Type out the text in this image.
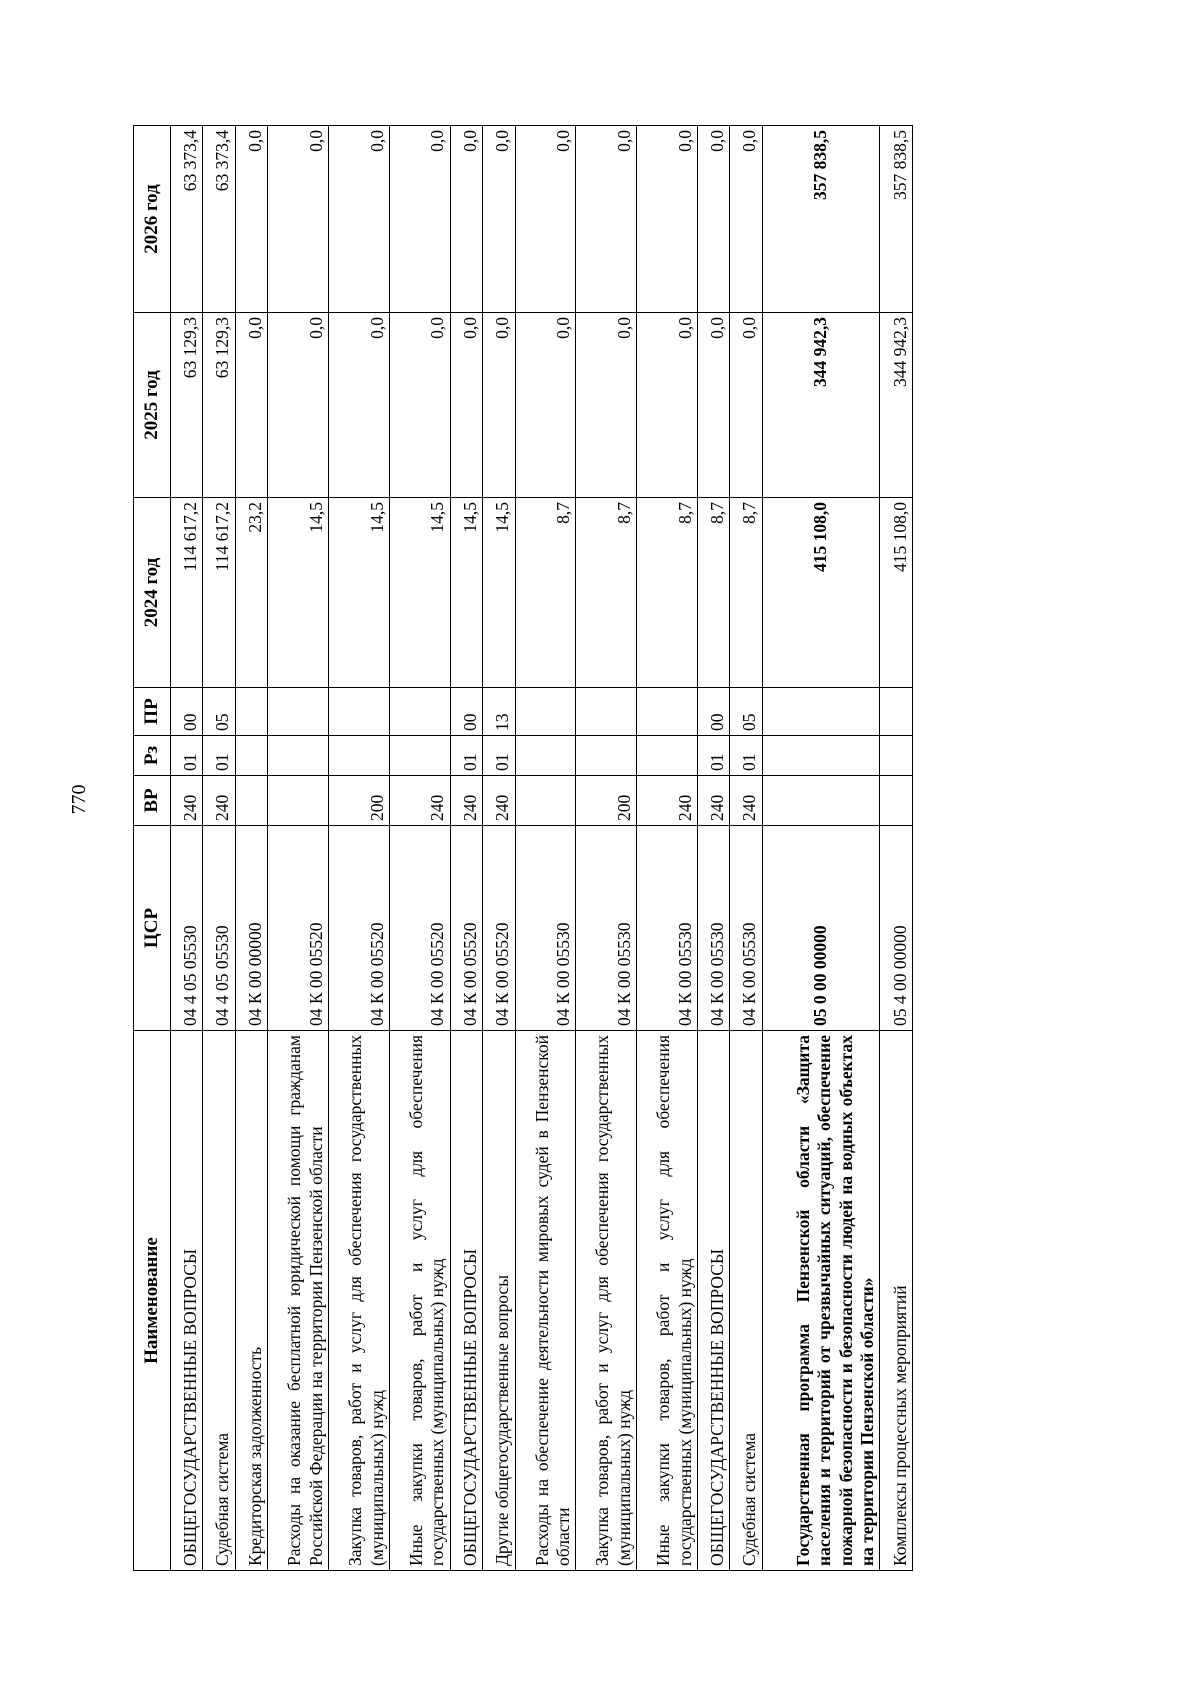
770
Наименование	ЦСР	ВР	Рз	ПР	2024 год	2025 год	2026 год
ОБЩЕГОСУДАРСТВЕННЫЕ ВОПРОСЫ	04 4 05 05530	240	01	00	114 617,2	63 129,3	63 373,4
Судебная система	04 4 05 05530	240	01	05	114 617,2	63 129,3	63 373,4
Кредиторская задолженность	04 К 00 00000				23,2	0,0	0,0
Расходы на оказание бесплатной юридической помощи гражданам Российской Федерации на территории Пензенской области	04 К 00 05520				14,5	0,0	0,0
Закупка товаров, работ и услуг для обеспечения государственных (муниципальных) нужд	04 К 00 05520	200			14,5	0,0	0,0
Иные закупки товаров, работ и услуг для обеспечения государственных (муниципальных) нужд	04 К 00 05520	240			14,5	0,0	0,0
ОБЩЕГОСУДАРСТВЕННЫЕ ВОПРОСЫ	04 К 00 05520	240	01	00	14,5	0,0	0,0
Другие общегосударственные вопросы	04 К 00 05520	240	01	13	14,5	0,0	0,0
Расходы на обеспечение деятельности мировых судей в Пензенской области	04 К 00 05530				8,7	0,0	0,0
Закупка товаров, работ и услуг для обеспечения государственных (муниципальных) нужд	04 К 00 05530	200			8,7	0,0	0,0
Иные закупки товаров, работ и услуг для обеспечения государственных (муниципальных) нужд	04 К 00 05530	240			8,7	0,0	0,0
ОБЩЕГОСУДАРСТВЕННЫЕ ВОПРОСЫ	04 К 00 05530	240	01	00	8,7	0,0	0,0
Судебная система	04 К 00 05530	240	01	05	8,7	0,0	0,0
Государственная программа Пензенской области «Защита населения и территорий от чрезвычайных ситуаций, обеспечение пожарной безопасности и безопасности людей на водных объектах на территории Пензенской области»	05 0 00 00000				415 108,0	344 942,3	357 838,5
Комплексы процессных мероприятий	05 4 00 00000				415 108,0	344 942,3	357 838,5
